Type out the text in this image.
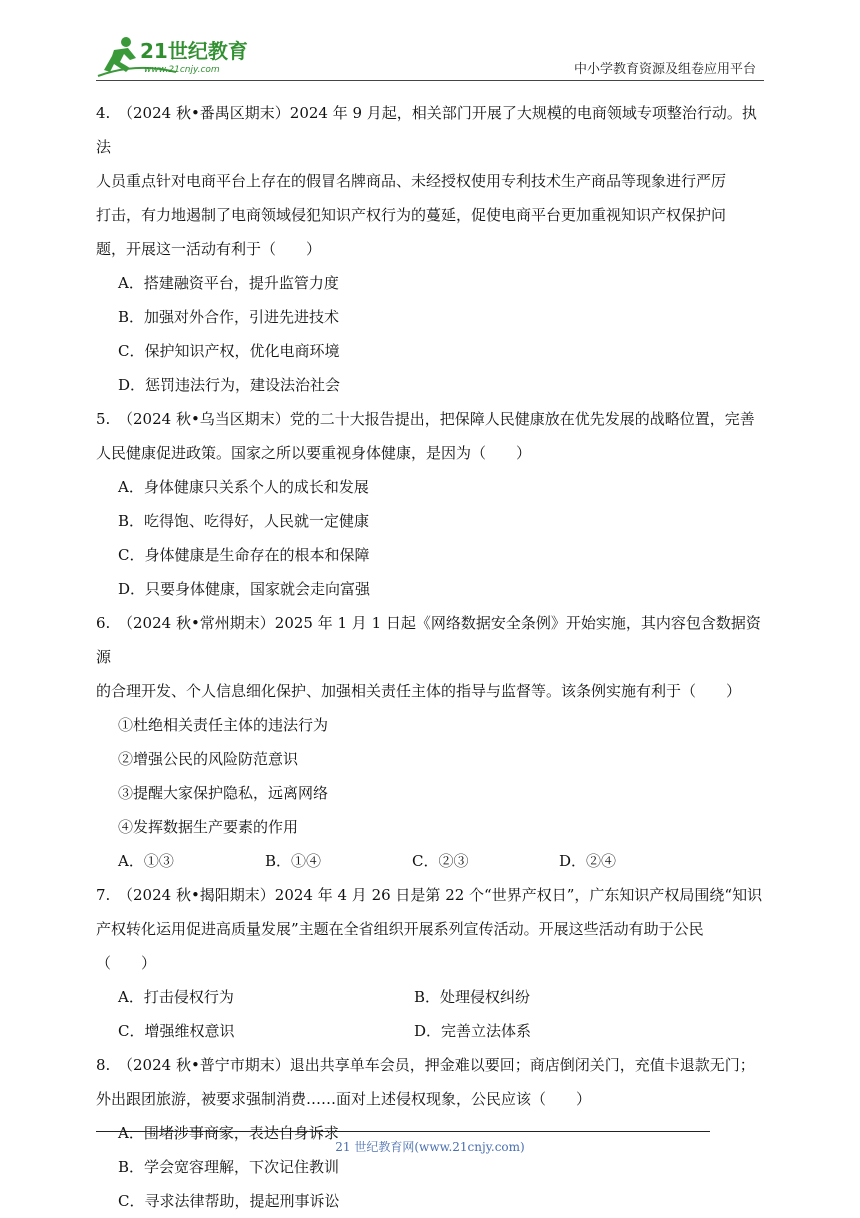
21世纪教育
www.21cnjy.com	中小学教育资源及组卷应用平台
4. （2024 秋•番禺区期末）2024 年 9 月起，相关部门开展了大规模的电商领域专项整治行动。执法
人员重点针对电商平台上存在的假冒名牌商品、未经授权使用专利技术生产商品等现象进行严厉
打击，有力地遏制了电商领域侵犯知识产权行为的蔓延，促使电商平台更加重视知识产权保护问
题，开展这一活动有利于（　　）
A．搭建融资平台，提升监管力度
B．加强对外合作，引进先进技术
C．保护知识产权，优化电商环境
D．惩罚违法行为，建设法治社会
5. （2024 秋•乌当区期末）党的二十大报告提出，把保障人民健康放在优先发展的战略位置，完善
人民健康促进政策。国家之所以要重视身体健康，是因为（　　）
A．身体健康只关系个人的成长和发展
B．吃得饱、吃得好，人民就一定健康
C．身体健康是生命存在的根本和保障
D．只要身体健康，国家就会走向富强
6. （2024 秋•常州期末）2025 年 1 月 1 日起《网络数据安全条例》开始实施，其内容包含数据资源
的合理开发、个人信息细化保护、加强相关责任主体的指导与监督等。该条例实施有利于（　　）
①杜绝相关责任主体的违法行为
②增强公民的风险防范意识
③提醒大家保护隐私，远离网络
④发挥数据生产要素的作用
A．①③	B．①④	C．②③	D．②④
7. （2024 秋•揭阳期末）2024 年 4 月 26 日是第 22 个“世界产权日”，广东知识产权局围绕“知识
产权转化运用促进高质量发展”主题在全省组织开展系列宣传活动。开展这些活动有助于公民
（　　）
A．打击侵权行为	B．处理侵权纠纷
C．增强维权意识	D．完善立法体系
8. （2024 秋•普宁市期末）退出共享单车会员，押金难以要回；商店倒闭关门，充值卡退款无门；
外出跟团旅游，被要求强制消费……面对上述侵权现象，公民应该（　　）
A．围堵涉事商家，表达自身诉求
B．学会宽容理解，下次记住教训
C．寻求法律帮助，提起刑事诉讼
21 世纪教育网(www.21cnjy.com)
